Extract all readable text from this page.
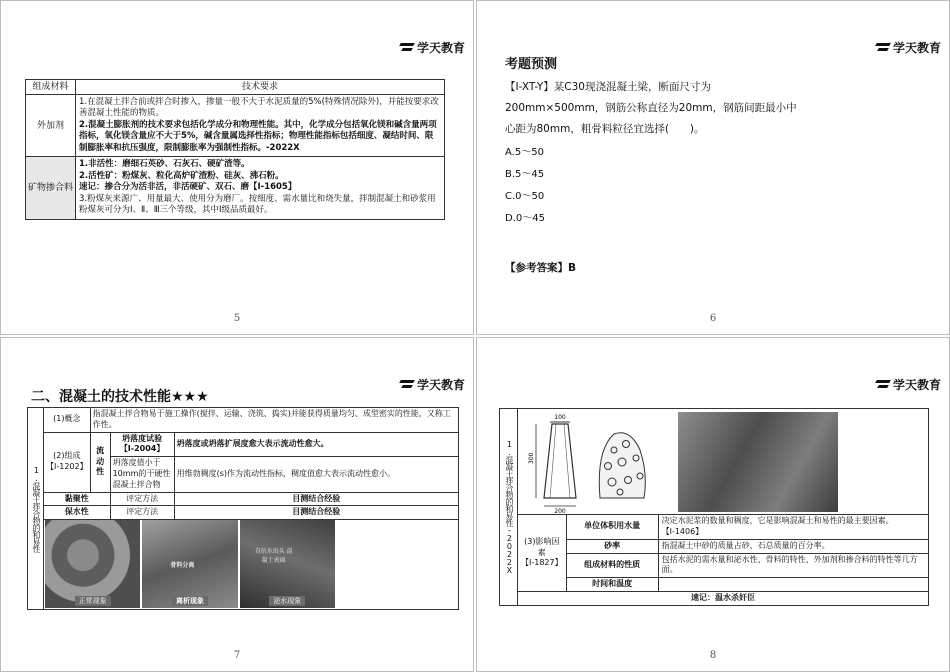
学天教育
组成材料	技术要求
外加剂	1.在混凝土拌合前或拌合时掺入，掺量一般不大于水泥质量的5%(特殊情况除外)，并能按要求改善混凝土性能的物质。
2.混凝土膨胀剂的技术要求包括化学成分和物理性能。其中，化学成分包括氧化镁和碱含量两项指标，氧化镁含量应不大于5%，碱含量属选择性指标；物理性能指标包括细度、凝结时间、限制膨胀率和抗压强度，限制膨胀率为强制性指标。-2022X

矿物掺合料	1.非活性：磨细石英砂、石灰石、硬矿渣等。
2.活性矿：粉煤灰、粒化高炉矿渣粉、硅灰、沸石粉。
速记：掺合分为活非活，非活硬矿、双石、磨【Ⅰ-1605】
3.粉煤灰来源广、用量最大、使用分为磨厂。按细度、需水量比和烧失量，拌制混凝土和砂浆用粉煤灰可分为Ⅰ、Ⅱ、Ⅲ三个等级，其中Ⅰ级品质最好。
5
学天教育
考题预测
【Ⅰ-XT-Y】某C30现浇混凝土梁，断面尺寸为200mm×500mm，钢筋公称直径为20mm，钢筋间距最小中心距为80mm，粗骨料粒径宜选择(　　)。
A.5～50
B.5～45
C.0～50
D.0～45
【参考答案】B
6
学天教育
二、混凝土的技术性能★★★
1.混凝土拌合物的和易性	(1)概念	指混凝土拌合物易于施工操作(搅拌、运输、浇筑、捣实)并能获得质量均匀、成型密实的性能，又称工作性。		
	(2)组成【Ⅰ-1202】	流动性	坍落度试验【Ⅰ-2004】	坍落度或坍落扩展度愈大表示流动性愈大。
			坍落度值小于10mm的干硬性混凝土拌合物	用维勃稠度(s)作为流动性指标，稠度值愈大表示流动性愈小。
	黏聚性		评定方法	目测结合经验
	保水性		评定方法	目测结合经验

正常现象
骨料分离
离析现象
自伍水出头 混凝土表面
泌水现象
7
学天教育
1.混凝土拌合物的和易性-2022X	100
300
200		

	(3)影响因素【Ⅰ-1827】	单位体积用水量	决定水泥浆的数量和稠度，它是影响混凝土和易性的最主要因素。【Ⅰ-1406】
		砂率	指混凝土中砂的质量占砂、石总质量的百分率。
		组成材料的性质	包括水泥的需水量和泌水性、骨料的特性、外加剂和掺合料的特性等几方面。
		时间和温度	
	速记：温水杀奸臣		
8
